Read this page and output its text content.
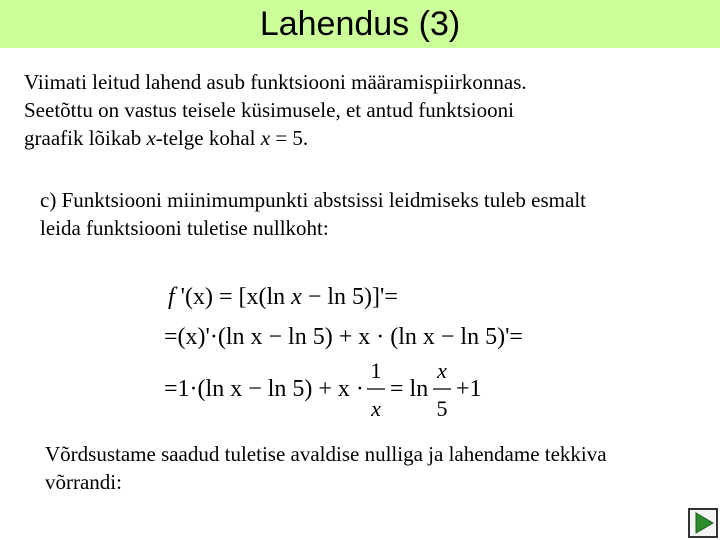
Lahendus (3)

Viimati leitud lahend asub funktsiooni määramispiirkonnas.
Seetõttu on vastus teisele küsimusele, et antud funktsiooni
graafik lõikab x-telge kohal x = 5.

c) Funktsiooni miinimumpunkti abstsissi leidmiseks tuleb esmalt
leida funktsiooni tuletise nullkoht:

f '(x) = [x(ln x − ln 5)]'=
=(x)'·(ln x − ln 5) + x · (ln x − ln 5)'=
=1·(ln x − ln 5) + x ·
1
x
= ln
x
5
+1

Võrdsustame saadud tuletise avaldise nulliga ja lahendame tekkiva
võrrandi:
